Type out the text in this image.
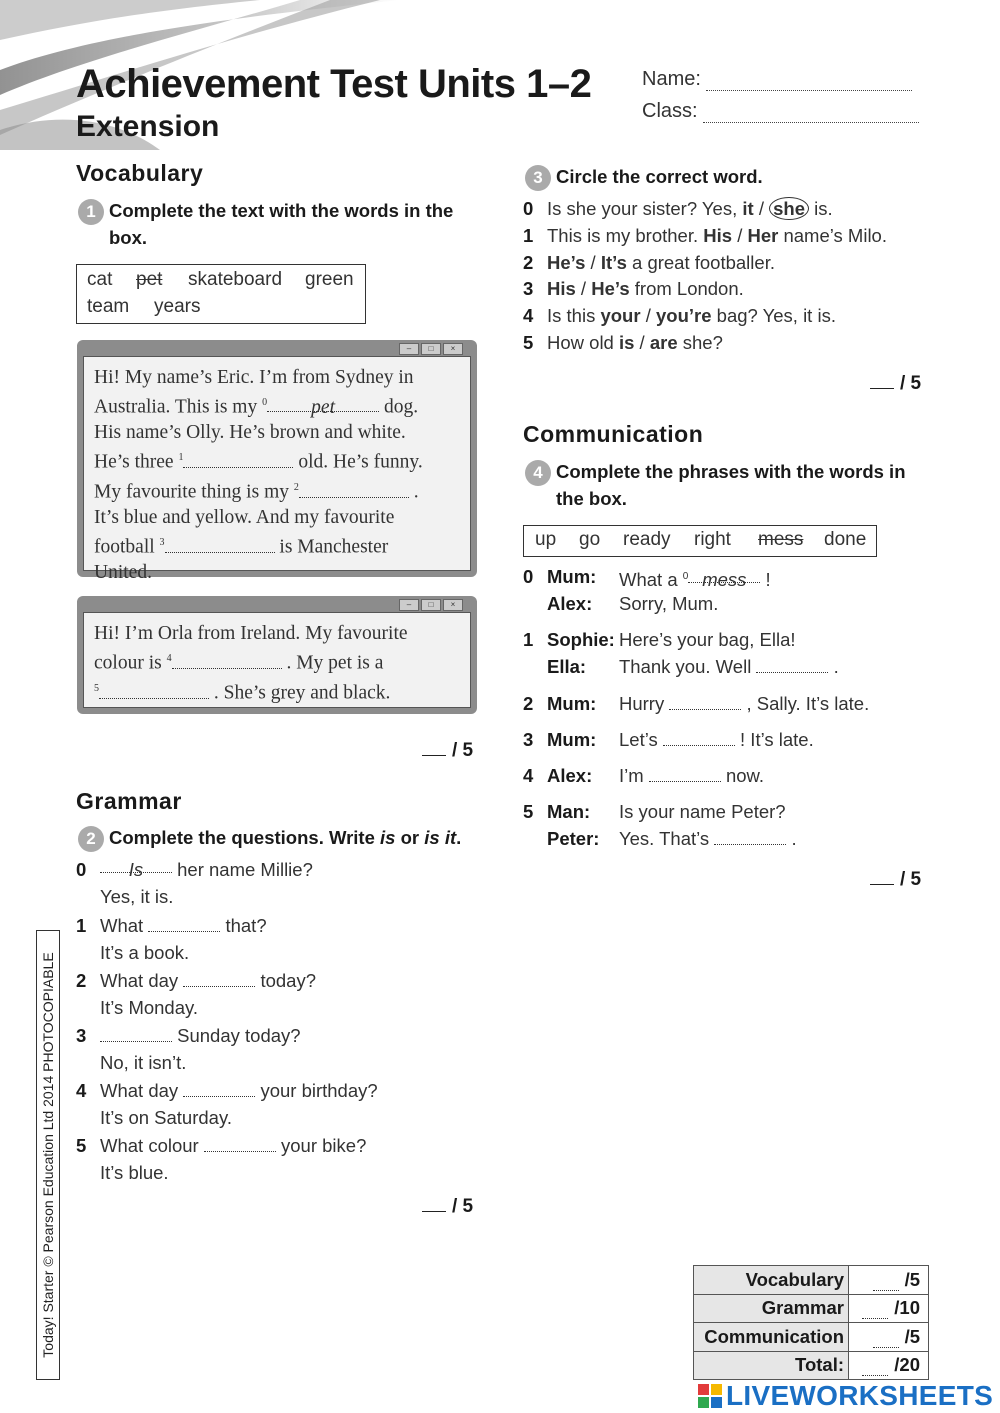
Achievement Test Units 1–2
Extension
Name:
Class:
Vocabulary
1 Complete the text with the words in the box.
cat pet skateboard green
team years
–	□	×
Hi! My name’s Eric. I’m from Sydney in
Australia. This is my $^0$ pet	dog.
His name’s Olly. He’s brown and white.
He’s three $^1$	old. He’s funny.
My favourite thing is my $^2$	.
It’s blue and yellow. And my favourite
football $^3$	is Manchester
United.
–	□	×
Hi! I’m Orla from Ireland. My favourite
colour is $^4$	. My pet is a
$^5$	. She’s grey and black.
/ 5
Grammar
2 Complete the questions. Write is or is it.
0	Is her name Millie?
Yes, it is.
1 What	that?
It’s a book.
2 What day	today?
It’s Monday.
3	Sunday today?
No, it isn’t.
4 What day	your birthday?
It’s on Saturday.
5 What colour	your bike?
It’s blue.
/ 5
3 Circle the correct word.
0 Is she your sister? Yes, it / she is.
1 This is my brother. His / Her name’s Milo.
2 He’s / It’s a great footballer.
3 His / He’s from London.
4 Is this your / you’re bag? Yes, it is.
5 How old is / are she?
/ 5
Communication
4 Complete the phrases with the words in the box.
up go ready right mess done
0 Mum: What a $^0$ mess !
Alex: Sorry, Mum.
1 Sophie: Here’s your bag, Ella!
Ella: Thank you. Well	.
2 Mum: Hurry	, Sally. It’s late.
3 Mum: Let’s	! It’s late.
4 Alex: I’m	now.
5 Man: Is your name Peter?
Peter: Yes. That’s	.
/ 5
Vocabulary	/5
Grammar	/10
Communication	/5
Total:	/20
Today! Starter © Pearson Education Ltd 2014 PHOTOCOPIABLE
LIVEWORKSHEETS
